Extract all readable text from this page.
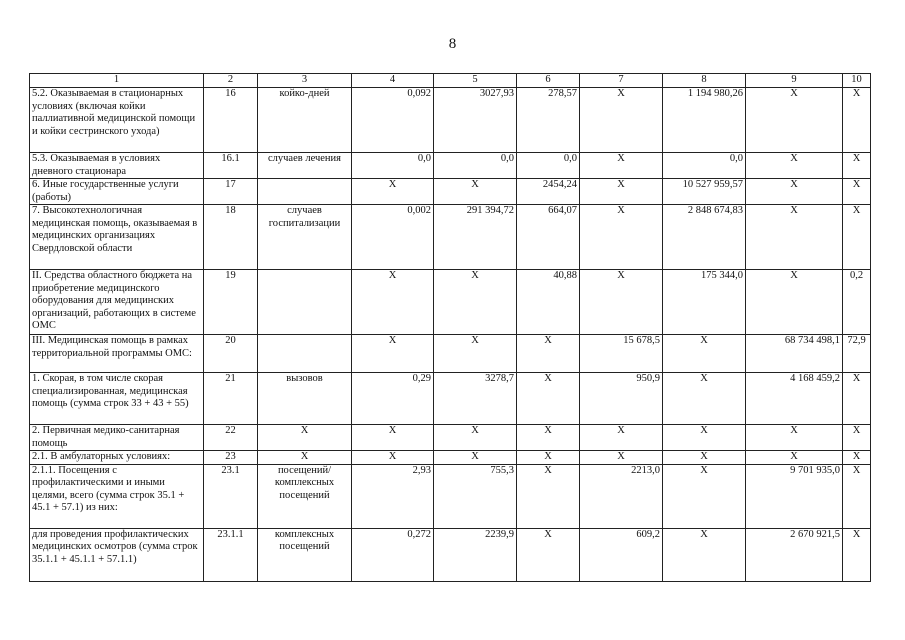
8
1	2	3	4	5	6	7	8	9	10
5.2. Оказываемая в стационарных условиях (включая койки паллиативной медицинской помощи и койки сестринского ухода)	16	койко-дней	0,092	3027,93	278,57	X	1 194 980,26	X	X
5.3. Оказываемая в условиях дневного стационара	16.1	случаев лечения	0,0	0,0	0,0	X	0,0	X	X
6. Иные государственные услуги (работы)	17		X	X	2454,24	X	10 527 959,57	X	X
7. Высокотехнологичная медицинская помощь, оказываемая в медицинских организациях Свердловской области	18	случаев госпитализации	0,002	291 394,72	664,07	X	2 848 674,83	X	X
II. Средства областного бюджета на приобретение медицинского оборудования для медицинских организаций, работающих в системе ОМС	19		X	X	40,88	X	175 344,0	X	0,2
III. Медицинская помощь в рамках территориальной программы ОМС:	20		X	X	X	15 678,5	X	68 734 498,1	72,9
1. Скорая, в том числе скорая специализированная, медицинская помощь (сумма строк 33 + 43 + 55)	21	вызовов	0,29	3278,7	X	950,9	X	4 168 459,2	X
2. Первичная медико-санитарная помощь	22	X	X	X	X	X	X	X	X
2.1. В амбулаторных условиях:	23	X	X	X	X	X	X	X	X
2.1.1. Посещения с профилактическими и иными целями, всего (сумма строк 35.1 + 45.1 + 57.1) из них:	23.1	посещений/ комплексных посещений	2,93	755,3	X	2213,0	X	9 701 935,0	X
для проведения профилактических медицинских осмотров (сумма строк 35.1.1 + 45.1.1 + 57.1.1)	23.1.1	комплексных посещений	0,272	2239,9	X	609,2	X	2 670 921,5	X
